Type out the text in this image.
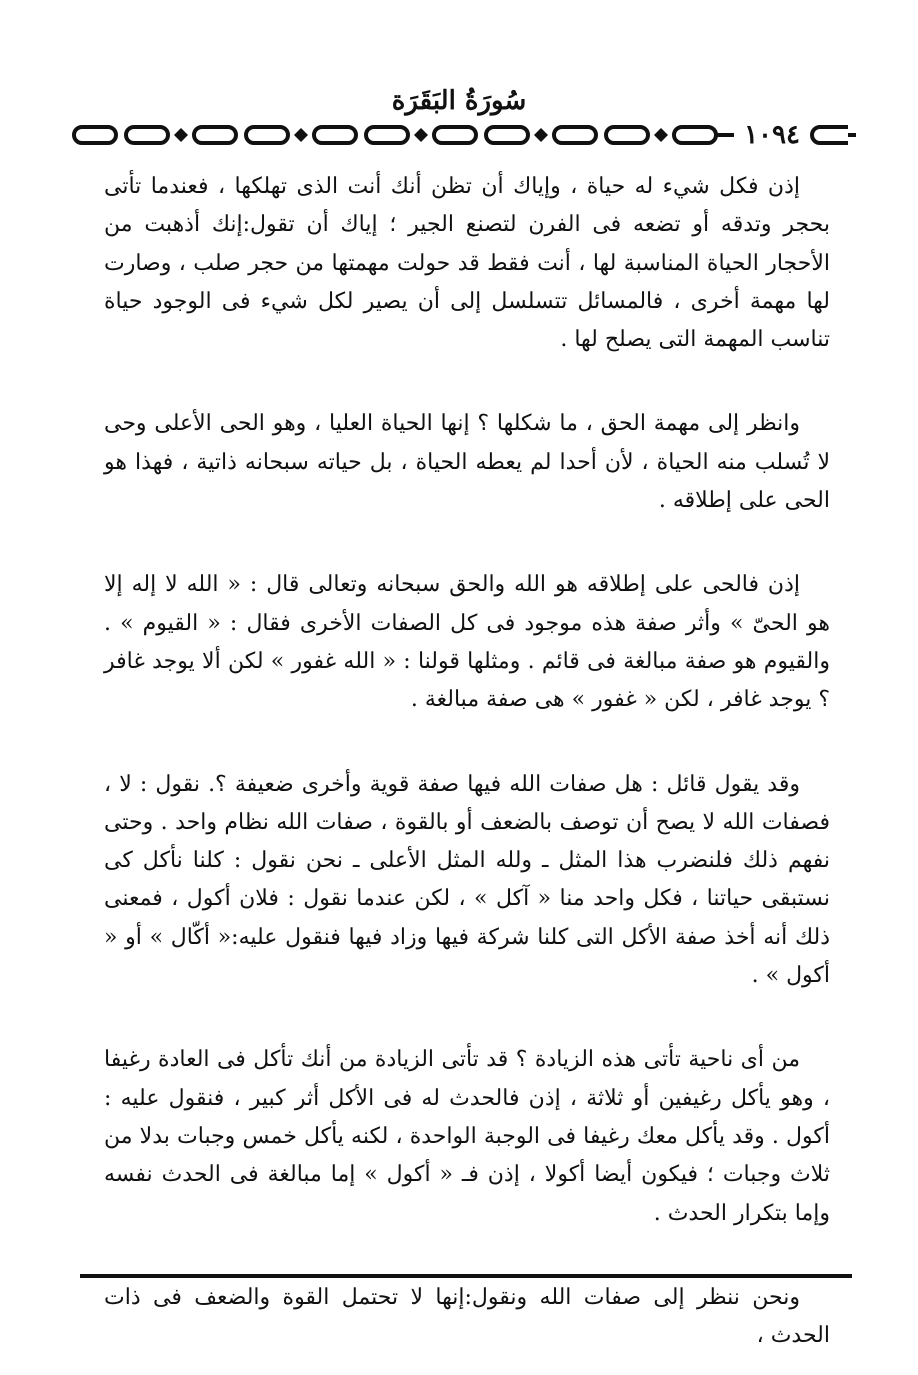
سُورَةُ البَقَرَة
١٠٩٤

إذن فكل شيء له حياة ، وإياك أن تظن أنك أنت الذى تهلكها ، فعندما تأتى بحجر وتدقه أو تضعه فى الفرن لتصنع الجير ؛ إياك أن تقول:إنك أذهبت من الأحجار الحياة المناسبة لها ، أنت فقط قد حولت مهمتها من حجر صلب ، وصارت لها مهمة أخرى ، فالمسائل تتسلسل إلى أن يصير لكل شيء فى الوجود حياة تناسب المهمة التى يصلح لها .

وانظر إلى مهمة الحق ، ما شكلها ؟ إنها الحياة العليا ، وهو الحى الأعلى وحى لا تُسلب منه الحياة ، لأن أحدا لم يعطه الحياة ، بل حياته سبحانه ذاتية ، فهذا هو الحى على إطلاقه .

إذن فالحى على إطلاقه هو الله والحق سبحانه وتعالى قال : « الله لا إله إلا هو الحىّ » وأثر صفة هذه موجود فى كل الصفات الأخرى فقال : « القيوم » . والقيوم هو صفة مبالغة فى قائم . ومثلها قولنا : « الله غفور » لكن ألا يوجد غافر ؟ يوجد غافر ، لكن « غفور » هى صفة مبالغة .

وقد يقول قائل : هل صفات الله فيها صفة قوية وأخرى ضعيفة ؟. نقول : لا ، فصفات الله لا يصح أن توصف بالضعف أو بالقوة ، صفات الله نظام واحد . وحتى نفهم ذلك فلنضرب هذا المثل ـ ولله المثل الأعلى ـ نحن نقول : كلنا نأكل كى نستبقى حياتنا ، فكل واحد منا « آكل » ، لكن عندما نقول : فلان أكول ، فمعنى ذلك أنه أخذ صفة الأكل التى كلنا شركة فيها وزاد فيها فنقول عليه:« أكّال » أو « أكول » .

من أى ناحية تأتى هذه الزيادة ؟ قد تأتى الزيادة من أنك تأكل فى العادة رغيفا ، وهو يأكل رغيفين أو ثلاثة ، إذن فالحدث له فى الأكل أثر كبير ، فنقول عليه : أكول . وقد يأكل معك رغيفا فى الوجبة الواحدة ، لكنه يأكل خمس وجبات بدلا من ثلاث وجبات ؛ فيكون أيضا أكولا ، إذن فـ « أكول » إما مبالغة فى الحدث نفسه وإما بتكرار الحدث .

ونحن ننظر إلى صفات الله ونقول:إنها لا تحتمل القوة والضعف فى ذات الحدث ،
